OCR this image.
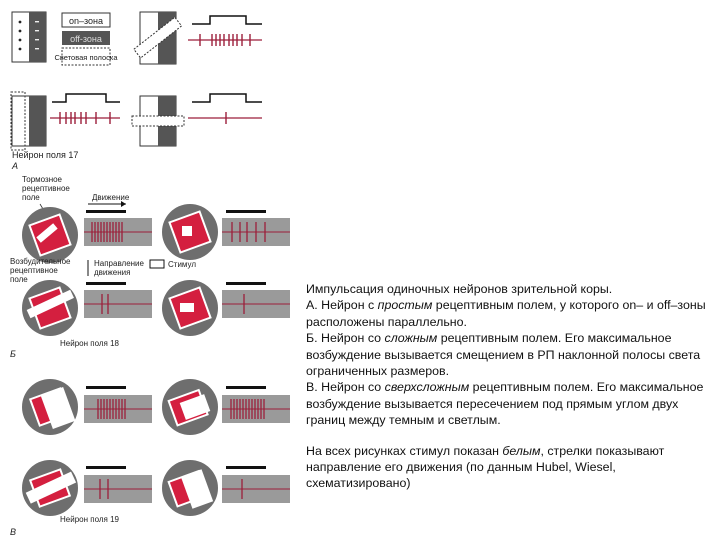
on–зона
off-зона
Световая полоска
Нейрон поля 17
А
Тормозное рецептивное поле	Движение
Возбудительное рецептивное поле
Направление движения
Стимул
Нейрон поля 18
Б
Нейрон поля 19
В

Импульсация одиночных нейронов зрительной коры.

А. Нейрон с простым рецептивным полем, у которого on– и off–зоны расположены параллельно.

Б. Нейрон со сложным рецептивным полем. Его максимальное возбуждение вызывается смещением в РП наклонной полосы света ограниченных размеров.

В. Нейрон со сверхсложным рецептивным полем. Его максимальное возбуждение вызывается пересечением под прямым углом двух границ между темным и светлым.

На всех рисунках стимул показан белым, стрелки показывают направление его движения (по данным Hubel, Wiesel, схематизировано)
